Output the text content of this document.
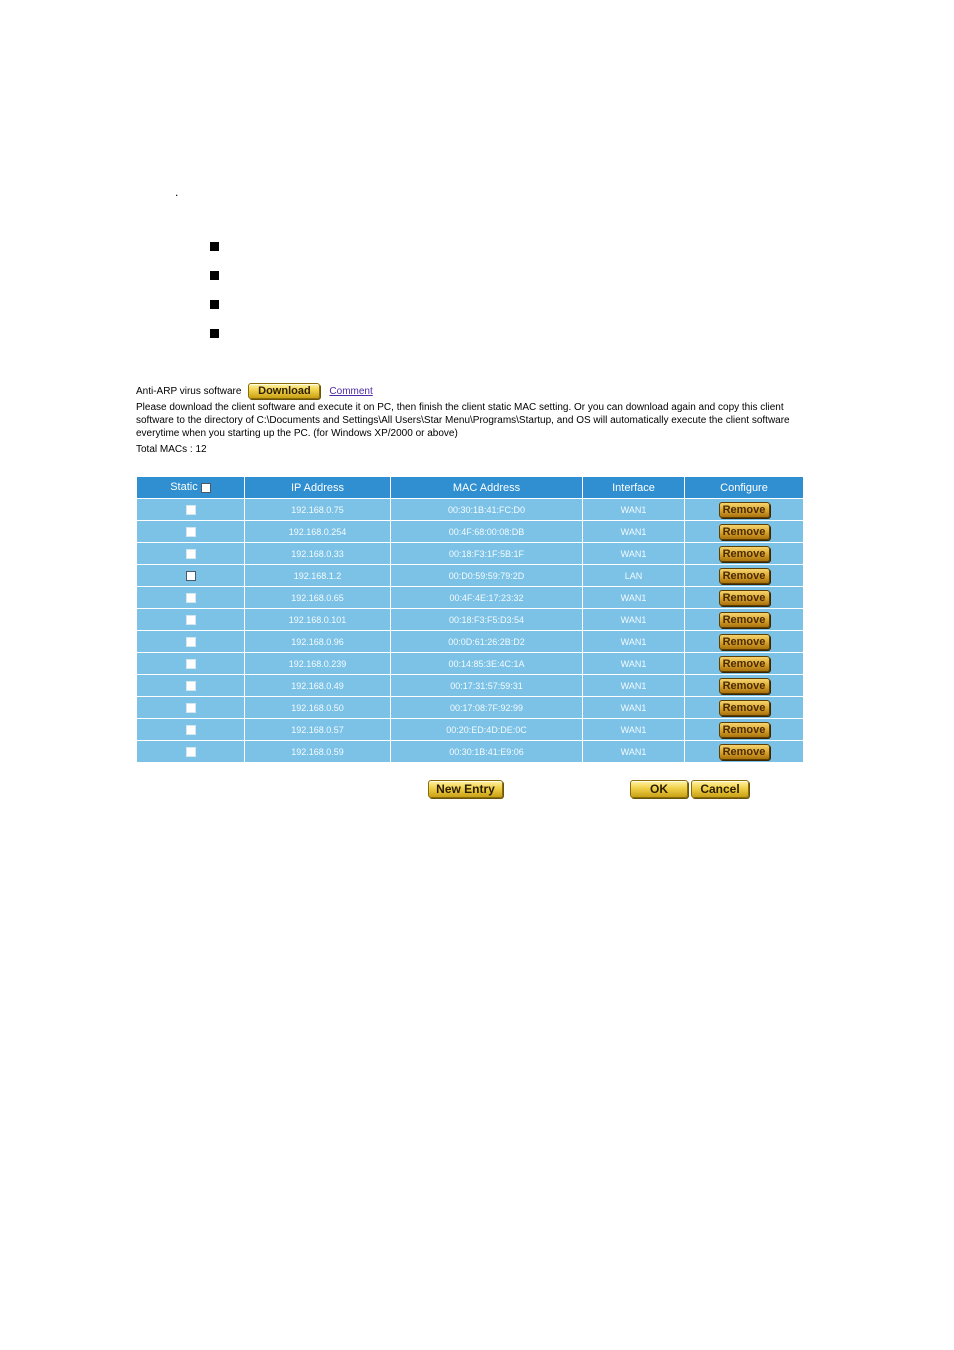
.
Anti-ARP virus software	Download	Comment

Please download the client software and execute it on PC, then finish the client static MAC setting. Or you can download again and copy this client software to the directory of C:\Documents and Settings\All Users\Star Menu\Programs\Startup, and OS will automatically execute the client software everytime when you starting up the PC. (for Windows XP/2000 or above)

Total MACs : 12
Static	IP Address	MAC Address	Interface	Configure
	192.168.0.75	00:30:1B:41:FC:D0	WAN1	Remove
	192.168.0.254	00:4F:68:00:08:DB	WAN1	Remove
	192.168.0.33	00:18:F3:1F:5B:1F	WAN1	Remove
	192.168.1.2	00:D0:59:59:79:2D	LAN	Remove
	192.168.0.65	00:4F:4E:17:23:32	WAN1	Remove
	192.168.0.101	00:18:F3:F5:D3:54	WAN1	Remove
	192.168.0.96	00:0D:61:26:2B:D2	WAN1	Remove
	192.168.0.239	00:14:85:3E:4C:1A	WAN1	Remove
	192.168.0.49	00:17:31:57:59:31	WAN1	Remove
	192.168.0.50	00:17:08:7F:92:99	WAN1	Remove
	192.168.0.57	00:20:ED:4D:DE:0C	WAN1	Remove
	192.168.0.59	00:30:1B:41:E9:06	WAN1	Remove
New Entry	OK	Cancel
